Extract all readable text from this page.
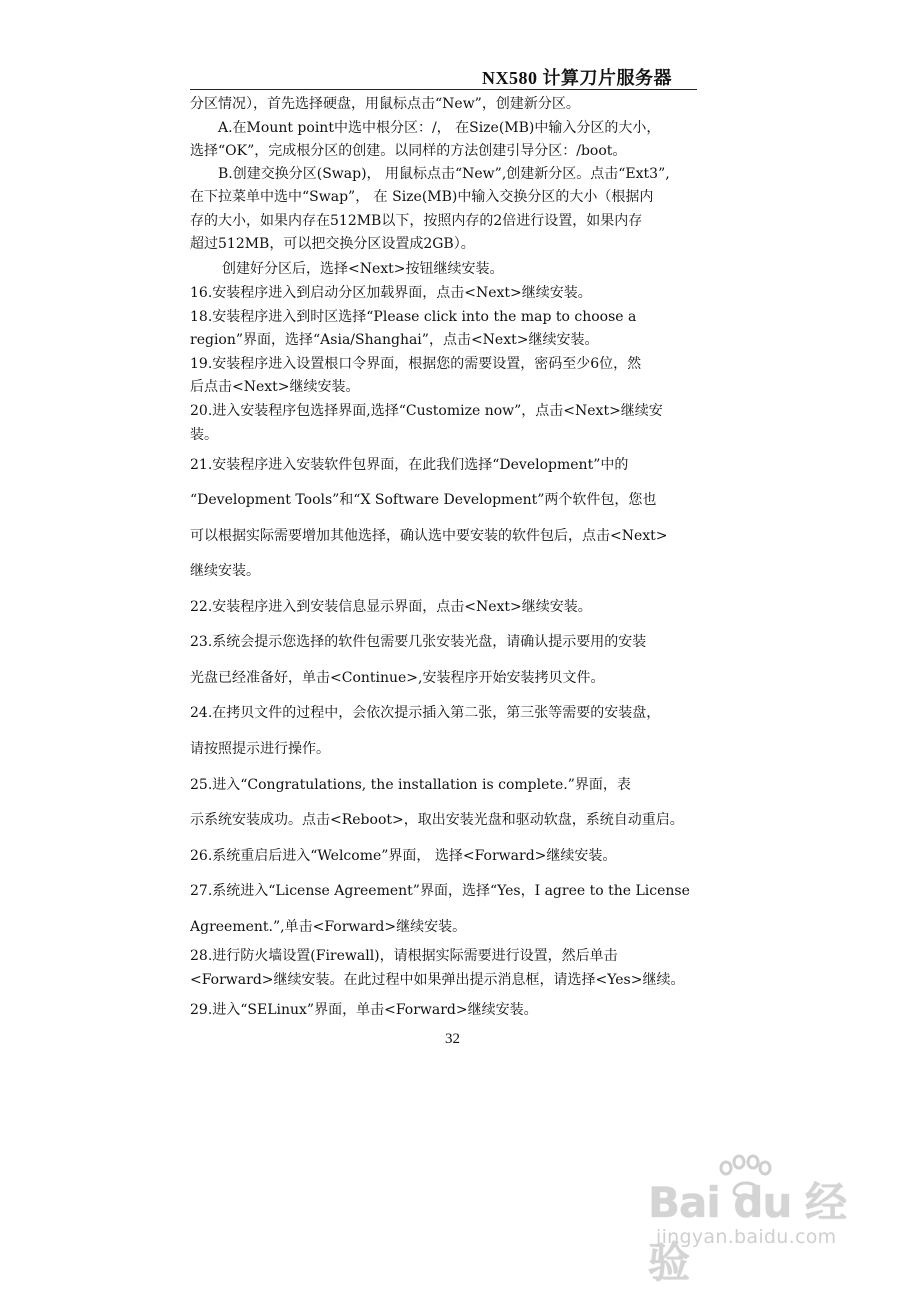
NX580 计算刀片服务器
分区情况），首先选择硬盘，用鼠标点击“New”，创建新分区。
A.在Mount point中选中根分区：/， 在Size(MB)中输入分区的大小，
选择“OK”，完成根分区的创建。以同样的方法创建引导分区：/boot。
B.创建交换分区(Swap)， 用鼠标点击“New”,创建新分区。点击“Ext3”,
在下拉菜单中选中“Swap”， 在 Size(MB)中输入交换分区的大小（根据内
存的大小，如果内存在512MB以下，按照内存的2倍进行设置，如果内存
超过512MB，可以把交换分区设置成2GB）。
创建好分区后，选择<Next>按钮继续安装。
16.安装程序进入到启动分区加载界面，点击<Next>继续安装。
18.安装程序进入到时区选择“Please click into the map to choose a
region”界面，选择“Asia/Shanghai”，点击<Next>继续安装。
19.安装程序进入设置根口令界面，根据您的需要设置，密码至少6位，然
后点击<Next>继续安装。
20.进入安装程序包选择界面,选择“Customize now”，点击<Next>继续安
装。
21.安装程序进入安装软件包界面，在此我们选择“Development”中的
“Development Tools”和“X Software Development”两个软件包，您也
可以根据实际需要增加其他选择，确认选中要安装的软件包后，点击<Next>
继续安装。
22.安装程序进入到安装信息显示界面，点击<Next>继续安装。
23.系统会提示您选择的软件包需要几张安装光盘，请确认提示要用的安装
光盘已经准备好，单击<Continue>,安装程序开始安装拷贝文件。
24.在拷贝文件的过程中，会依次提示插入第二张，第三张等需要的安装盘，
请按照提示进行操作。
25.进入“Congratulations, the installation is complete.”界面，表
示系统安装成功。点击<Reboot>，取出安装光盘和驱动软盘，系统自动重启。
26.系统重启后进入“Welcome”界面， 选择<Forward>继续安装。
27.系统进入“License Agreement”界面，选择“Yes，I agree to the License
Agreement.”,单击<Forward>继续安装。
28.进行防火墙设置(Firewall)，请根据实际需要进行设置，然后单击
<Forward>继续安装。在此过程中如果弹出提示消息框，请选择<Yes>继续。
29.进入“SELinux”界面，单击<Forward>继续安装。
32
Bai du 经验
jingyan.baidu.com
